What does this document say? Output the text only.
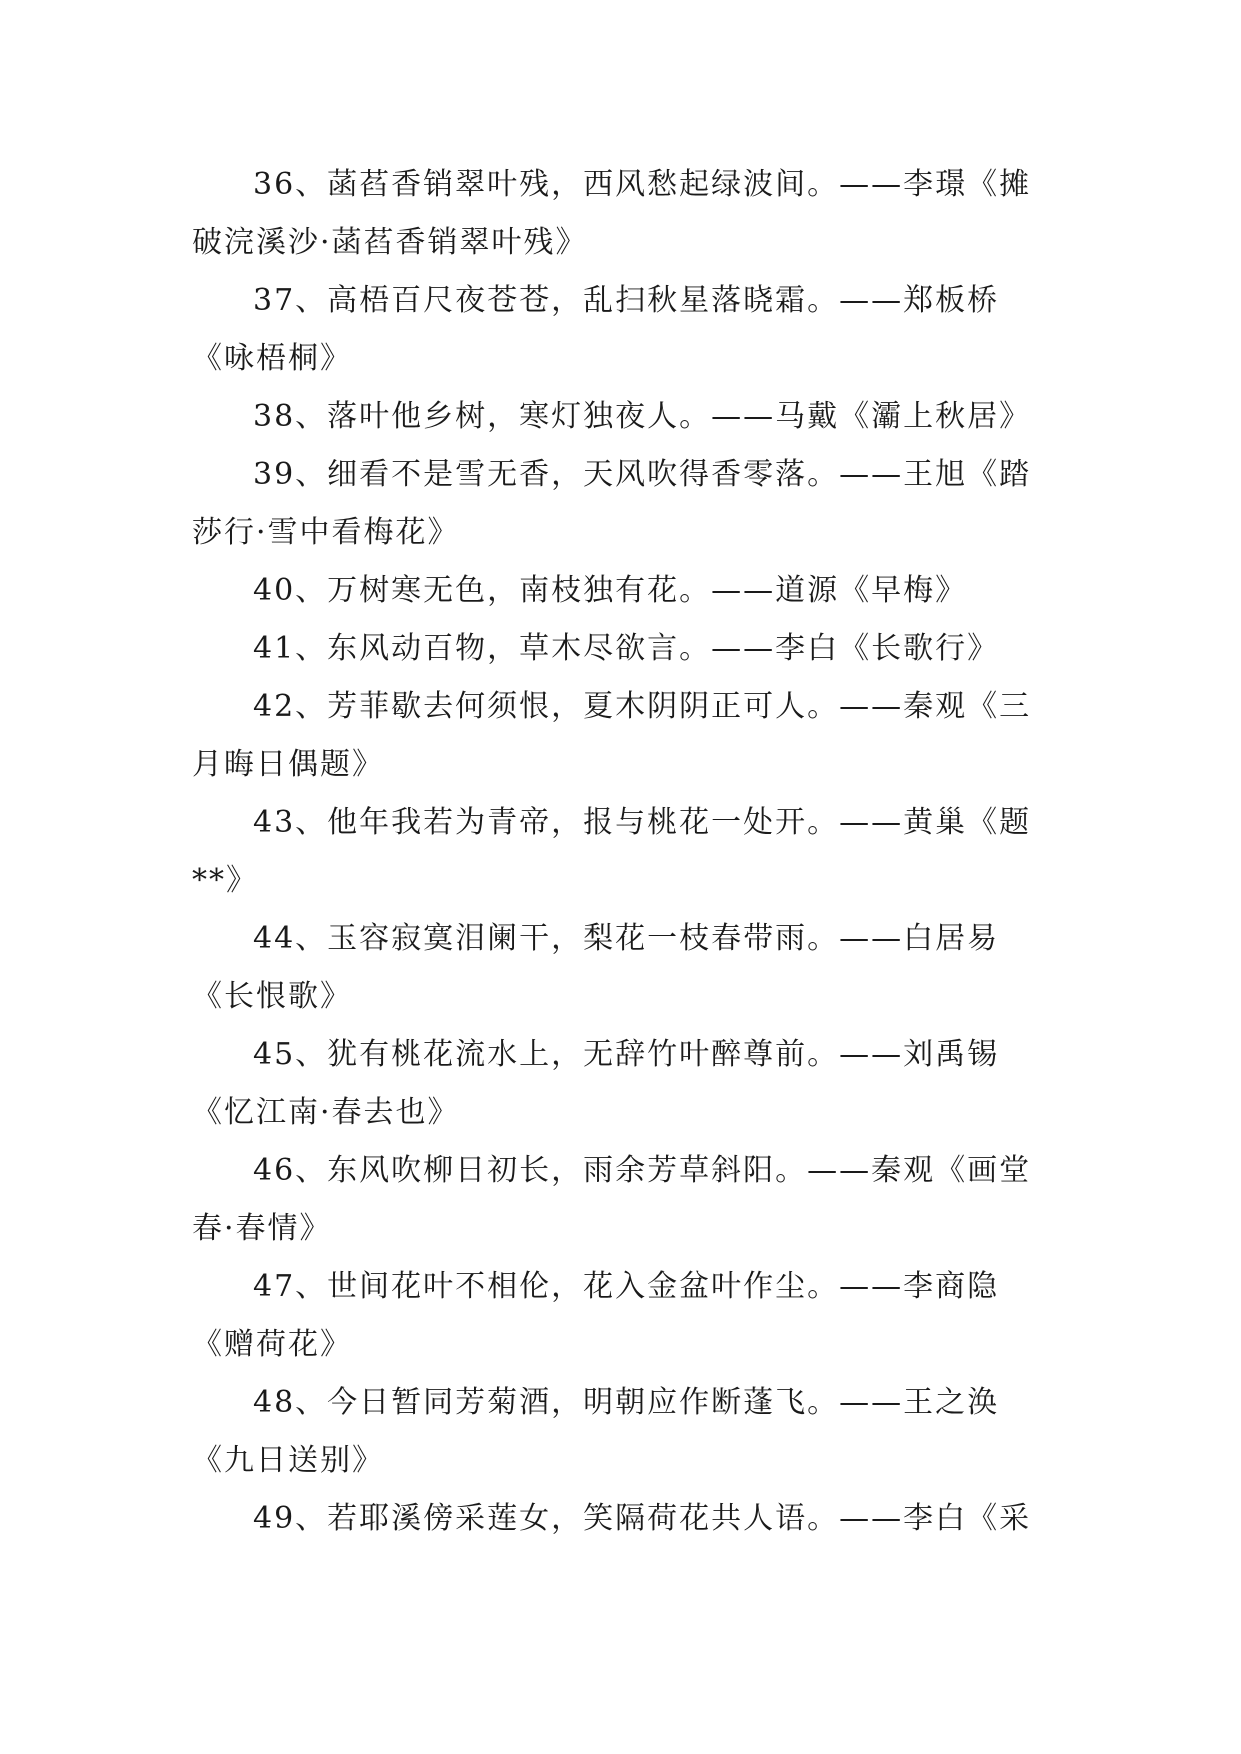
36、菡萏香销翠叶残，西风愁起绿波间。——李璟《摊
破浣溪沙·菡萏香销翠叶残》
37、高梧百尺夜苍苍，乱扫秋星落晓霜。——郑板桥
《咏梧桐》
38、落叶他乡树，寒灯独夜人。——马戴《灞上秋居》
39、细看不是雪无香，天风吹得香零落。——王旭《踏
莎行·雪中看梅花》
40、万树寒无色，南枝独有花。——道源《早梅》
41、东风动百物，草木尽欲言。——李白《长歌行》
42、芳菲歇去何须恨，夏木阴阴正可人。——秦观《三
月晦日偶题》
43、他年我若为青帝，报与桃花一处开。——黄巢《题
**》
44、玉容寂寞泪阑干，梨花一枝春带雨。——白居易
《长恨歌》
45、犹有桃花流水上，无辞竹叶醉尊前。——刘禹锡
《忆江南·春去也》
46、东风吹柳日初长，雨余芳草斜阳。——秦观《画堂
春·春情》
47、世间花叶不相伦，花入金盆叶作尘。——李商隐
《赠荷花》
48、今日暂同芳菊酒，明朝应作断蓬飞。——王之涣
《九日送别》
49、若耶溪傍采莲女，笑隔荷花共人语。——李白《采
